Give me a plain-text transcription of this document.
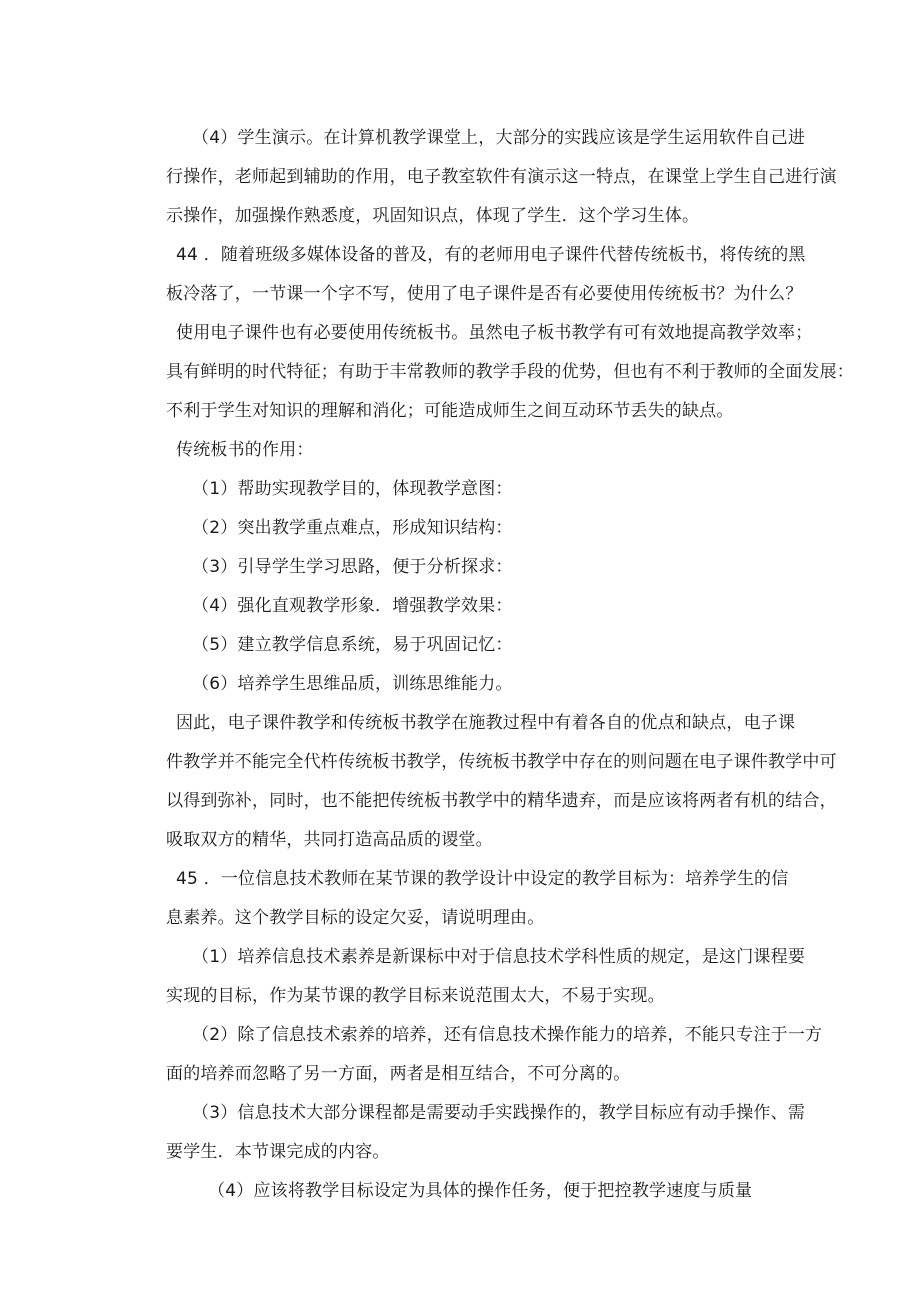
（4）学生演示。在计算机教学课堂上，大部分的实践应该是学生运用软件自己进
行操作，老师起到辅助的作用，电子教室软件有演示这一特点，在课堂上学生自己进行演
示操作，加强操作熟悉度，巩固知识点，体现了学生．这个学习生体。
44 ．随着班级多媒体设备的普及，有的老师用电子课件代替传统板书，将传统的黑
板冷落了，一节课一个字不写，使用了电子课件是否有必要使用传统板书？为什么？
使用电子课件也有必要使用传统板书。虽然电子板书教学有可有效地提高教学效率；
具有鲜明的时代特征；有助于丰常教师的教学手段的优势，但也有不利于教师的全面发展：
不利于学生对知识的理解和消化；可能造成师生之间互动环节丢失的缺点。
传统板书的作用：
（1）帮助实现教学目的，体现教学意图：
（2）突出教学重点难点，形成知识结构：
（3）引导学生学习思路，便于分析探求：
（4）强化直观教学形象．增强教学效果：
（5）建立教学信息系统，易于巩固记忆：
（6）培养学生思维品质，训练思维能力。
因此，电子课件教学和传统板书教学在施教过程中有着各自的优点和缺点，电子课
件教学并不能完全代杵传统板书教学，传统板书教学中存在的则问题在电子课件教学中可
以得到弥补，同时，也不能把传统板书教学中的精华遗弃，而是应该将两者有机的结合，
吸取双方的精华，共同打造高品质的谡堂。
45 ．一位信息技术教师在某节课的教学设计中设定的教学目标为：培养学生的信
息素养。这个教学目标的设定欠妥，请说明理由。
（1）培养信息技术素养是新课标中对于信息技术学科性质的规定，是这门课程要
实现的目标，作为某节课的教学目标来说范围太大，不易于实现。
（2）除了信息技术索养的培养，还有信息技术操作能力的培养，不能只专注于一方
面的培养而忽略了另一方面，两者是相互结合，不可分离的。
（3）信息技术大部分课程都是需要动手实践操作的，教学目标应有动手操作、需
要学生．本节课完成的内容。
（4）应该将教学目标设定为具体的操作任务，便于把控教学速度与质量
